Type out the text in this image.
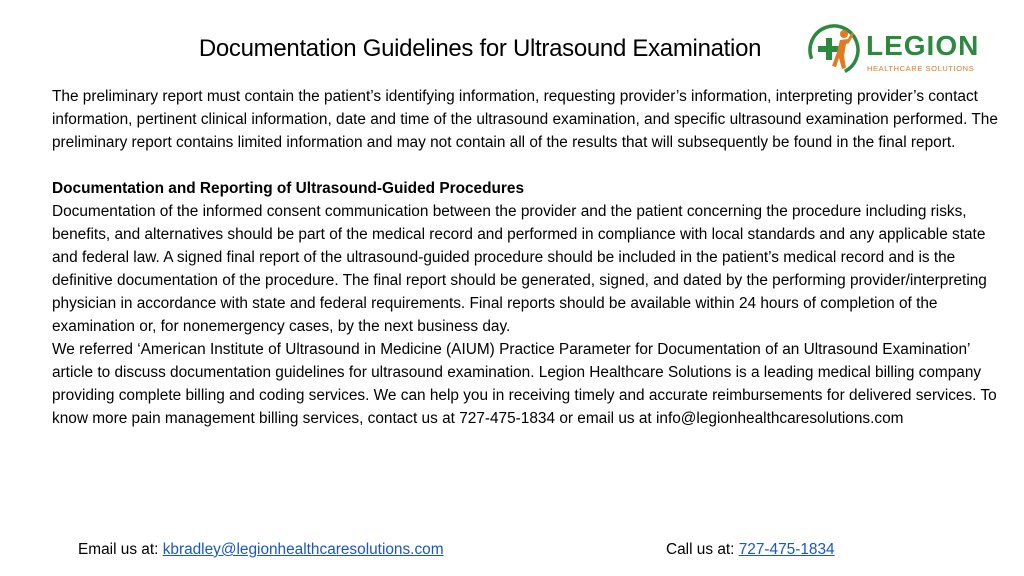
Documentation Guidelines for Ultrasound Examination	LEGION
HEALTHCARE SOLUTIONS

The preliminary report must contain the patient’s identifying information, requesting provider’s information, interpreting provider’s contact information, pertinent clinical information, date and time of the ultrasound examination, and specific ultrasound examination performed. The preliminary report contains limited information and may not contain all of the results that will subsequently be found in the final report.

Documentation and Reporting of Ultrasound-Guided Procedures

Documentation of the informed consent communication between the provider and the patient concerning the procedure including risks, benefits, and alternatives should be part of the medical record and performed in compliance with local standards and any applicable state and federal law. A signed final report of the ultrasound-guided procedure should be included in the patient’s medical record and is the definitive documentation of the procedure. The final report should be generated, signed, and dated by the performing provider/interpreting physician in accordance with state and federal requirements. Final reports should be available within 24 hours of completion of the examination or, for nonemergency cases, by the next business day.

We referred ‘American Institute of Ultrasound in Medicine (AIUM) Practice Parameter for Documentation of an Ultrasound Examination’ article to discuss documentation guidelines for ultrasound examination. Legion Healthcare Solutions is a leading medical billing company providing complete billing and coding services. We can help you in receiving timely and accurate reimbursements for delivered services. To know more pain management billing services, contact us at 727-475-1834 or email us at info@legionhealthcaresolutions.com

Email us at: kbradley@legionhealthcaresolutions.com	Call us at: 727-475-1834
